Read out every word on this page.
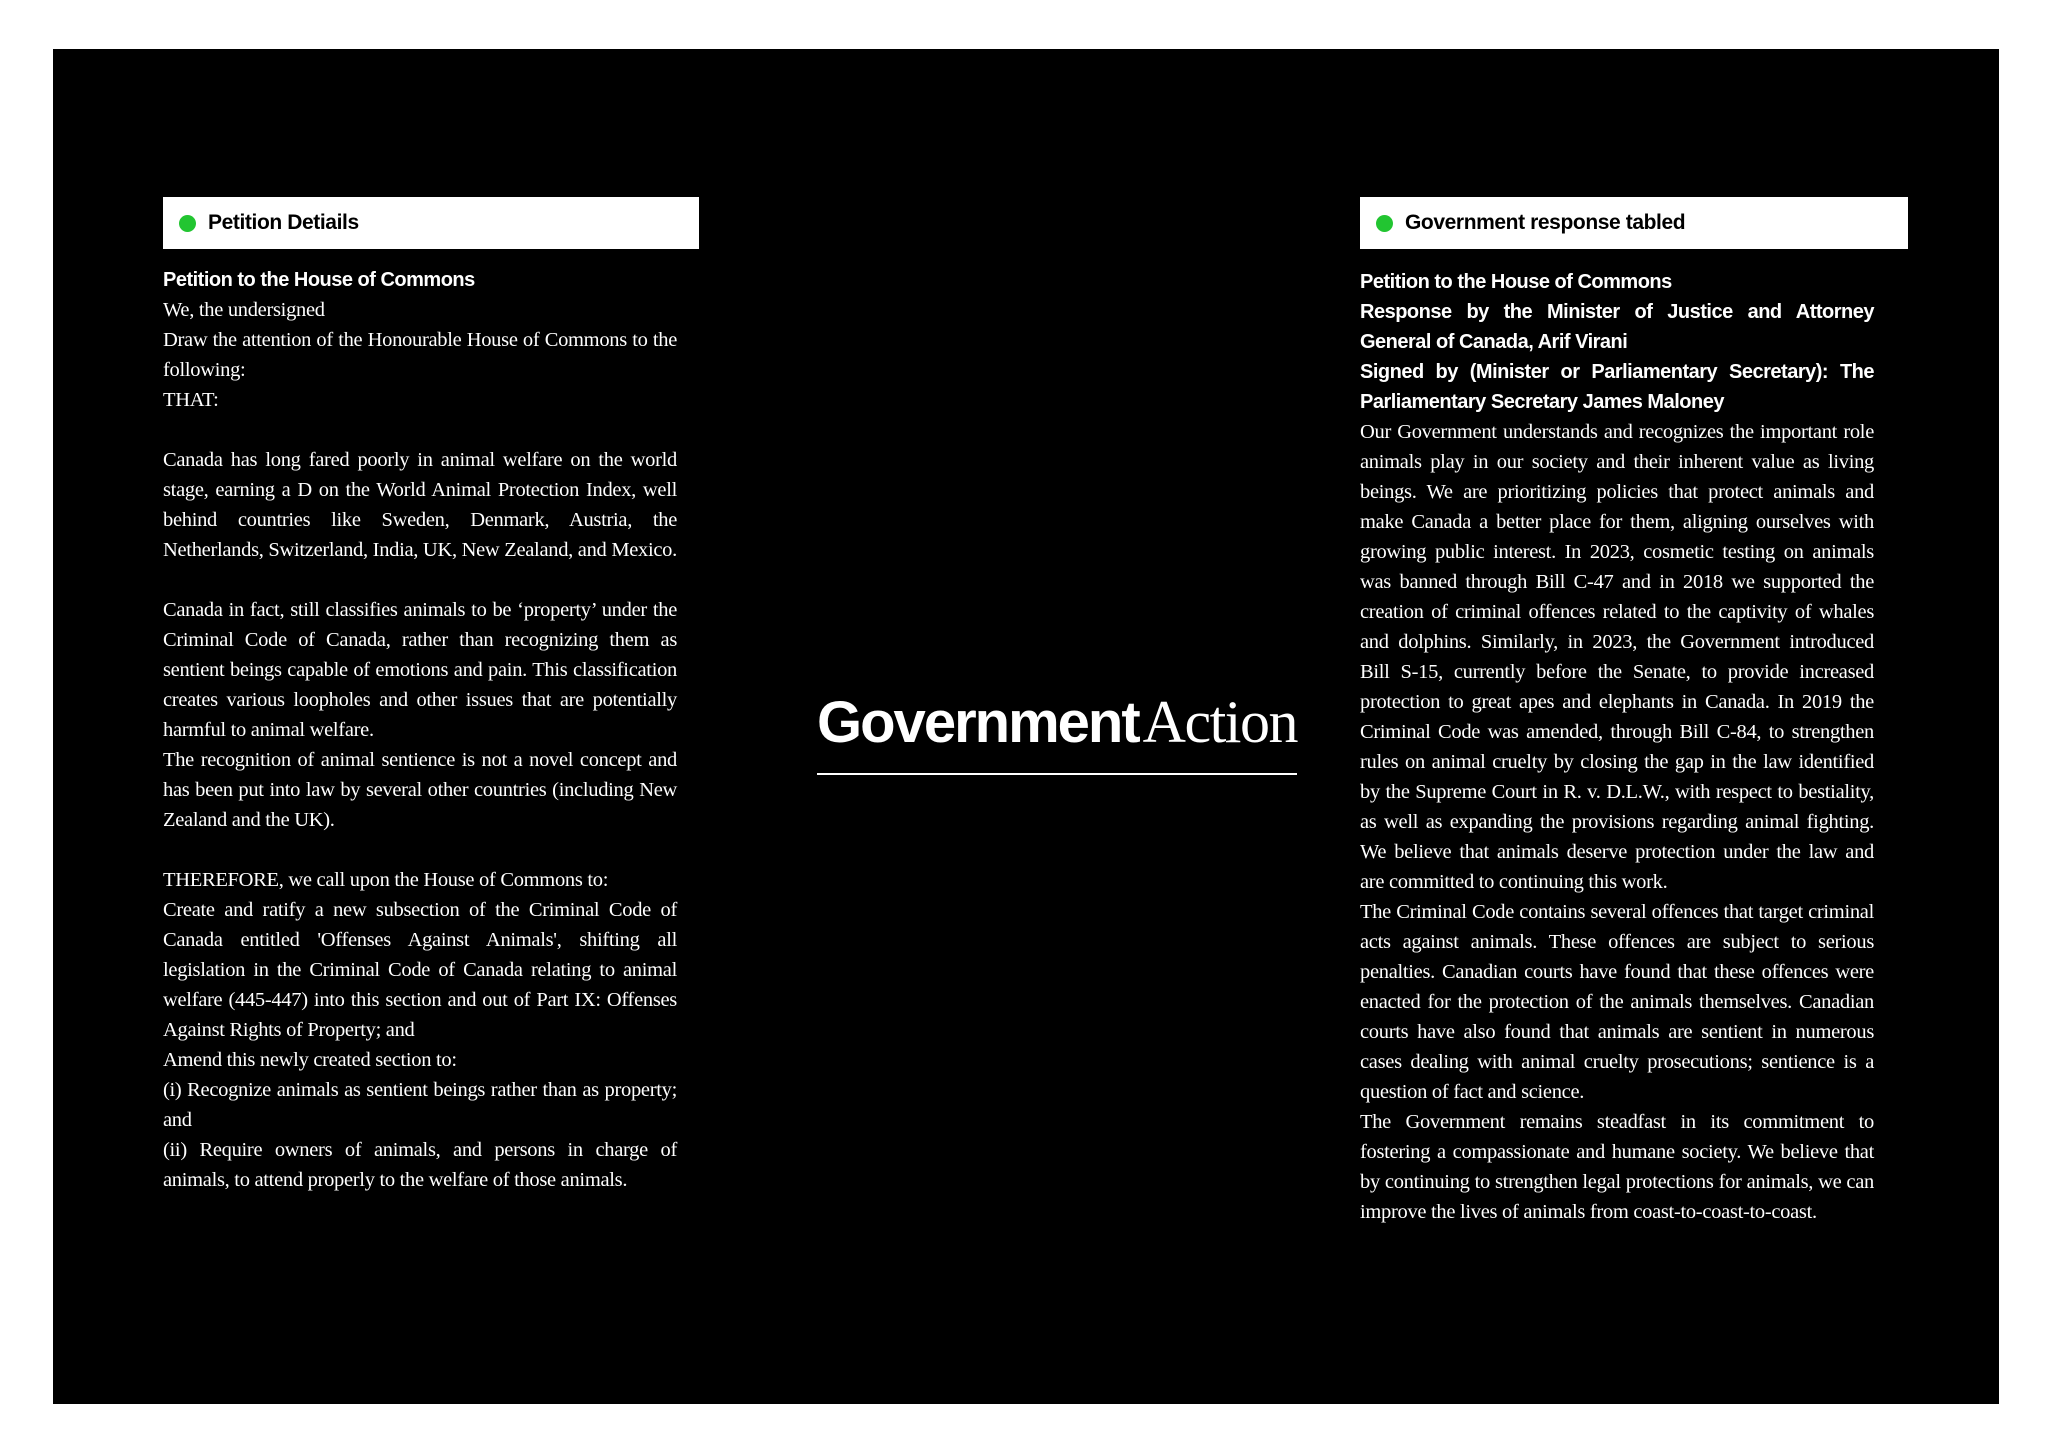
Petition Detiails
Petition to the House of Commons
We, the undersigned
Draw the attention of the Honourable House of Commons to the following:
THAT:
Canada has long fared poorly in animal welfare on the world stage, earning a D on the World Animal Protection Index, well behind countries like Sweden, Denmark, Austria, the Netherlands, Switzerland, India, UK, New Zealand, and Mexico.
Canada in fact, still classifies animals to be ‘property’ under the Criminal Code of Canada, rather than recognizing them as sentient beings capable of emotions and pain. This classification creates various loopholes and other issues that are potentially harmful to animal welfare.
The recognition of animal sentience is not a novel concept and has been put into law by several other countries (including New Zealand and the UK).
THEREFORE, we call upon the House of Commons to:
Create and ratify a new subsection of the Criminal Code of Canada entitled 'Offenses Against Animals', shifting all legislation in the Criminal Code of Canada relating to animal welfare (445-447) into this section and out of Part IX: Offenses Against Rights of Property; and
Amend this newly created section to:
(i) Recognize animals as sentient beings rather than as property; and
(ii) Require owners of animals, and persons in charge of animals, to attend properly to the welfare of those animals.
Government Action
Government response tabled
Petition to the House of Commons
Response by the Minister of Justice and Attorney General of Canada, Arif Virani
Signed by (Minister or Parliamentary Secretary): The Parliamentary Secretary James Maloney
Our Government understands and recognizes the important role animals play in our society and their inherent value as living beings. We are prioritizing policies that protect animals and make Canada a better place for them, aligning ourselves with growing public interest. In 2023, cosmetic testing on animals was banned through Bill C-47 and in 2018 we supported the creation of criminal offences related to the captivity of whales and dolphins. Similarly, in 2023, the Government introduced Bill S-15, currently before the Senate, to provide increased protection to great apes and elephants in Canada. In 2019 the Criminal Code was amended, through Bill C-84, to strengthen rules on animal cruelty by closing the gap in the law identified by the Supreme Court in R. v. D.L.W., with respect to bestiality, as well as expanding the provisions regarding animal fighting. We believe that animals deserve protection under the law and are committed to continuing this work.
The Criminal Code contains several offences that target criminal acts against animals. These offences are subject to serious penalties. Canadian courts have found that these offences were enacted for the protection of the animals themselves. Canadian courts have also found that animals are sentient in numerous cases dealing with animal cruelty prosecutions; sentience is a question of fact and science.
The Government remains steadfast in its commitment to fostering a compassionate and humane society. We believe that by continuing to strengthen legal protections for animals, we can improve the lives of animals from coast-to-coast-to-coast.
